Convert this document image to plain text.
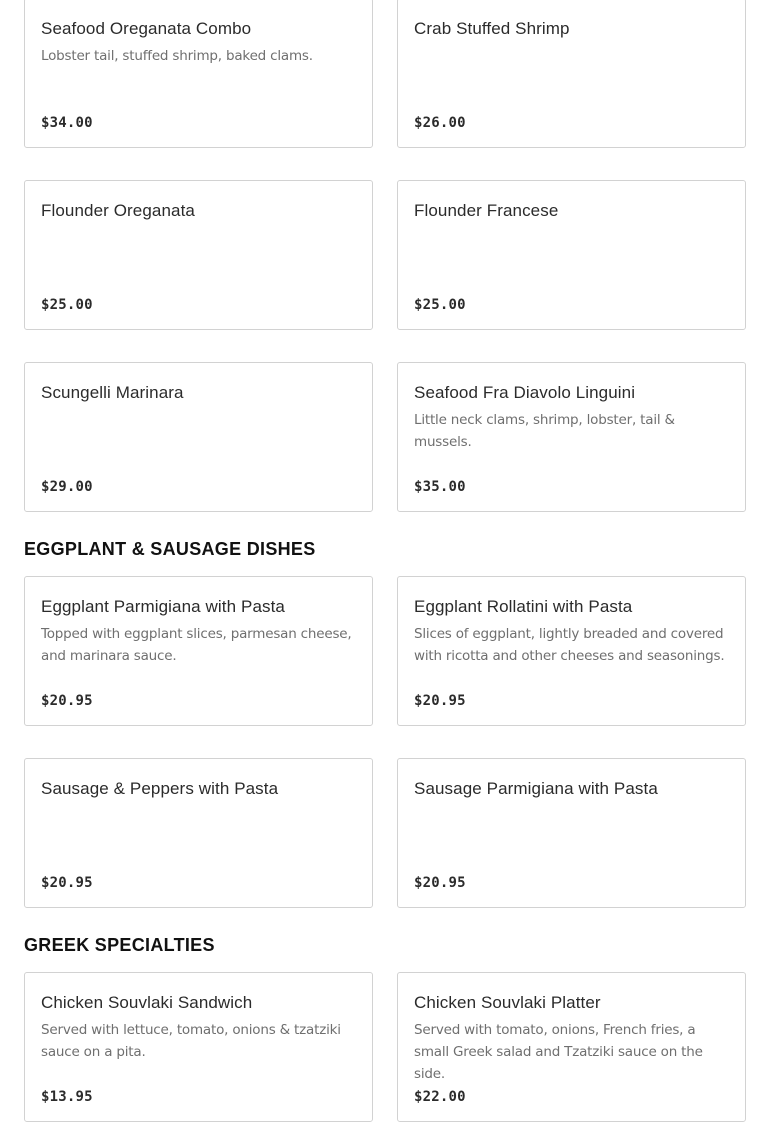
Seafood Oreganata Combo
Lobster tail, stuffed shrimp, baked clams.
$34.00
Crab Stuffed Shrimp
$26.00
Flounder Oreganata
$25.00
Flounder Francese
$25.00
Scungelli Marinara
$29.00
Seafood Fra Diavolo Linguini
Little neck clams, shrimp, lobster, tail & mussels.
$35.00
EGGPLANT & SAUSAGE DISHES
Eggplant Parmigiana with Pasta
Topped with eggplant slices, parmesan cheese, and marinara sauce.
$20.95
Eggplant Rollatini with Pasta
Slices of eggplant, lightly breaded and covered with ricotta and other cheeses and seasonings.
$20.95
Sausage & Peppers with Pasta
$20.95
Sausage Parmigiana with Pasta
$20.95
GREEK SPECIALTIES
Chicken Souvlaki Sandwich
Served with lettuce, tomato, onions & tzatziki sauce on a pita.
$13.95
Chicken Souvlaki Platter
Served with tomato, onions, French fries, a small Greek salad and Tzatziki sauce on the side.
$22.00
